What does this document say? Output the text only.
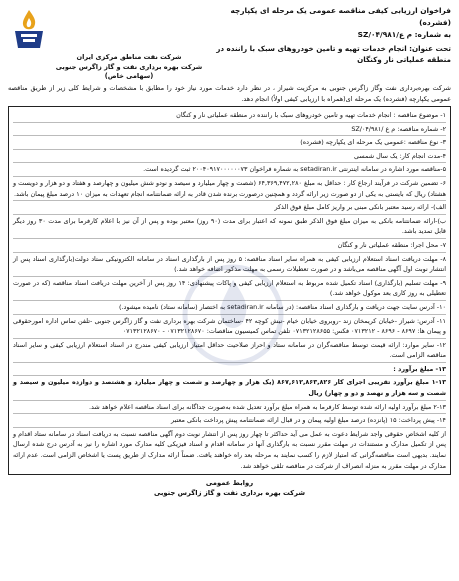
شرکت نفت مناطق مرکزی ایران
شرکت بهره برداری نفت و گاز زاگرس جنوبی
(سهامی خاص)
فراخوان ارزیابی کیفی مناقصه عمومی یک مرحله ای یکپارچه (فشرده)
به شماره: م ع/۰۴/۹۸۱/SZ
تحت عنوان: انجام خدمات تهیه و تامین خودروهای سبک با راننده در منطقه عملیاتی نار وکنگان
شرکت بهره‌برداری نفت وگاز زاگرس جنوبی به مرکزیت شیراز ، در نظر دارد خدمات مورد نیاز خود را مطابق با مشخصات و شرایط کلی زیر از طریق مناقصه عمومی یکپارچه (فشرده) یک مرحله ای(همراه با ارزیابی کیفی اولاً) انجام دهد.
۱- موضوع مناقصه : انجام خدمات تهیه و تامین خودروهای سبک با راننده در منطقه عملیاتی نار و کنگان
۲- شماره مناقصه: م ع /۰۴/۹۸۱/SZ
۳- نوع مناقصه :عمومی یک مرحله ای یکپارچه (فشرده)
۴-مدت انجام کار: یک سال شمسی
۵-مناقصه مورد اشاره در سامانه اینترنتی setadiran.ir به شماره فراخوان ۲۰۰۴۰۹۱۷۰۰۰۰۰۰۷۳ ثبت گردیده است.
۶- تضمین شرکت در فرآیند ارجاع کار : حداقل به مبلغ ۶۴,۳۶۹,۴۷۲,۲۸۰ (شصت و چهار میلیارد و سیصد و نودو شش میلیون و چهارصد و هفتاد و دو هزار و دویست و هشتاد) ریال که بایستی به یکی از دو صورت زیر ارائه گردد و همچنین درصورت برنده شدن قادر به ارائه ضمانتنامه انجام تعهدات به میزان ۱۰ درصد مبلغ پیمان باشد.
الف)- ارائه رسید معتبر بانکی مبنی بر واریز کامل مبلغ فوق الذکر
ب)-ارائه ضمانتنامه بانکی به میزان مبلغ فوق الذکر طبق نمونه که اعتبار برای مدت (۹۰ روز) معتبر بوده و پس از آن نیز با اعلام کارفرما برای مدت ۳۰ روز دیگر قابل تمدید باشد.
۷- محل اجرا: منطقه عملیاتی نار و کنگان
۸- مهلت دریافت اسناد استعلام ارزیابی کیفی به همراه سایر اسناد مناقصه: ۵ روز پس از بارگذاری اسناد در سامانه الکترونیکی ستاد دولت(بارگذاری اسناد پس از انتشار نوبت اول آگهی مناقصه می‌باشد و در صورت تعطیلات رسمی به مهلت مذکور اضافه خواهد شد.)
۹- مهلت تسلیم (بارگذاری) اسناد تکمیل شده مربوط به استعلام ارزیابی کیفی و پاکات پیشنهادی: ۱۴ روز پس از آخرین مهلت دریافت اسناد مناقصه (که در صورت تعطیلی به روز کاری بعد موکول خواهد شد.)
۱۰- آدرس سایت جهت دریافت و بارگذاری اسناد مناقصه: (در سامانه setadiran.ir به اختصار (سامانه ستاد) نامیده میشود.)
۱۱- آدرس: شیراز -خیابان کریمخان زند -روبروی خیابان خیام -نبش کوچه ۴۲ -ساختمان شرکت بهره برداری نفت و گاز زاگرس جنوبی -تلفن تماس اداره امورحقوقی و پیمان ها: ۸۶۹۷ - ۸۶۹۶ - ۰۷۱۳۲۱۲ فکس: ۰۷۱۳۲۱۲۸۶۵۵ تلفن تماس کمیسیون مناقصات: ۰۷۱۳۲۱۲۸۶۷۰ - ۰۷۱۳۲۱۲۸۶۷۰
۱۲- سایر موارد: ارائه قیمت توسط مناقصه‌گران در سامانه ستاد و احراز صلاحیت حداقل امتیاز ارزیابی کیفی مندرج در اسناد استعلام ارزیابی کیفی و سایر اسناد مناقصه الزامی است.
۱۳- مبلغ برآورد :
۱-۱۳ مبلغ برآورد تقریبی اجرای کار ۸۶۷,۶۱۲,۸۶۳,۸۲۶ (یک هزار و چهارصد و شصت و چهار میلیارد و هشتصد و دوازده میلیون و سیصد و شصت و سه هزار و نهصد و دو و چهار) ریال
۲-۱۳ مبلغ برآورد اولیه ارائه شده توسط کارفرما به همراه مبلغ برآورد تعدیل شده به‌صورت جداگانه برای اسناد مناقصه اعلام خواهد شد.
۱۴- پیش پرداخت: ۱۵ (پانزده) درصد مبلغ اولیه پیمان و در قبال ارائه ضمانتنامه پیش پرداخت بانکی معتبر
از کلیه اشخاص حقوقی واجد شرایط دعوت به عمل می آید حداکثر تا چهار روز پس از انتشار نوبت دوم آگهی مناقصه نسبت به دریافت اسناد در سامانه ستاد اقدام و پس از تکمیل مدارک و مستندات در مهلت مقرر نسبت به بارگذاری آنها در سامانه اقدام و اسناد فیزیکی کلیه مدارک مورد اشاره را نیز به آدرس درج شده ارسال نمایند. بدیهی است مناقصه‌گرانی که امتیاز لازم را کسب نمایند به مرحله بعد راه خواهند یافت. ضمناً ارائه مدارک از طریق پست یا اشخاص الزامی است. عدم ارائه مدارک در مهلت مقرر به منزله انصراف از شرکت در مناقصه تلقی خواهد شد.
روابط عمومی
شرکت بهره برداری نفت و گاز زاگرس جنوبی
